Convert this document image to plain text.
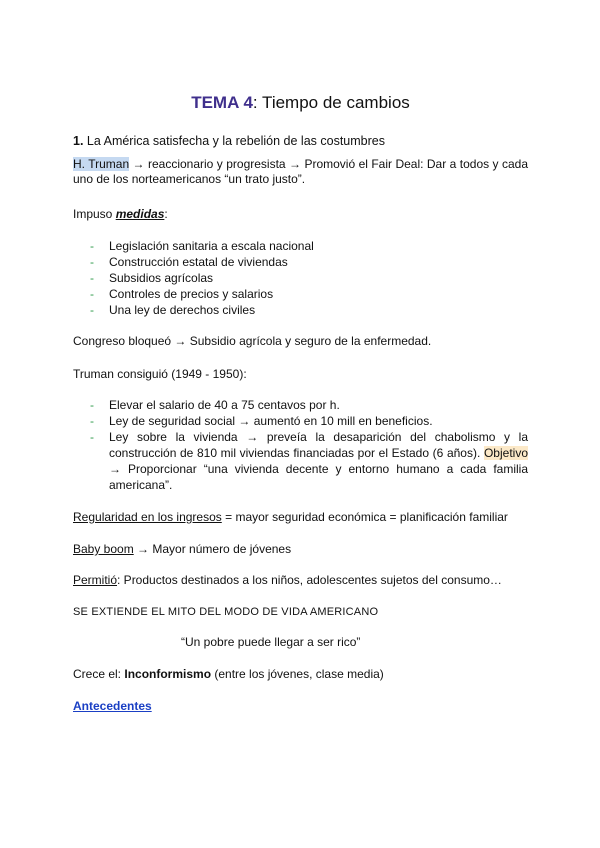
TEMA 4: Tiempo de cambios
1. La América satisfecha y la rebelión de las costumbres
H. Truman → reaccionario y progresista → Promovió el Fair Deal: Dar a todos y cada uno de los norteamericanos “un trato justo”.
Impuso medidas:
- Legislación sanitaria a escala nacional
- Construcción estatal de viviendas
- Subsidios agrícolas
- Controles de precios y salarios
- Una ley de derechos civiles
Congreso bloqueó → Subsidio agrícola y seguro de la enfermedad.
Truman consiguió (1949 - 1950):
- Elevar el salario de 40 a 75 centavos por h.
- Ley de seguridad social → aumentó en 10 mill en beneficios.
- Ley sobre la vivienda → preveía la desaparición del chabolismo y la construcción de 810 mil viviendas financiadas por el Estado (6 años). Objetivo → Proporcionar “una vivienda decente y entorno humano a cada familia americana”.
Regularidad en los ingresos = mayor seguridad económica = planificación familiar
Baby boom → Mayor número de jóvenes
Permitió: Productos destinados a los niños, adolescentes sujetos del consumo…
SE EXTIENDE EL MITO DEL MODO DE VIDA AMERICANO
“Un pobre puede llegar a ser rico”
Crece el: Inconformismo (entre los jóvenes, clase media)
Antecedentes
